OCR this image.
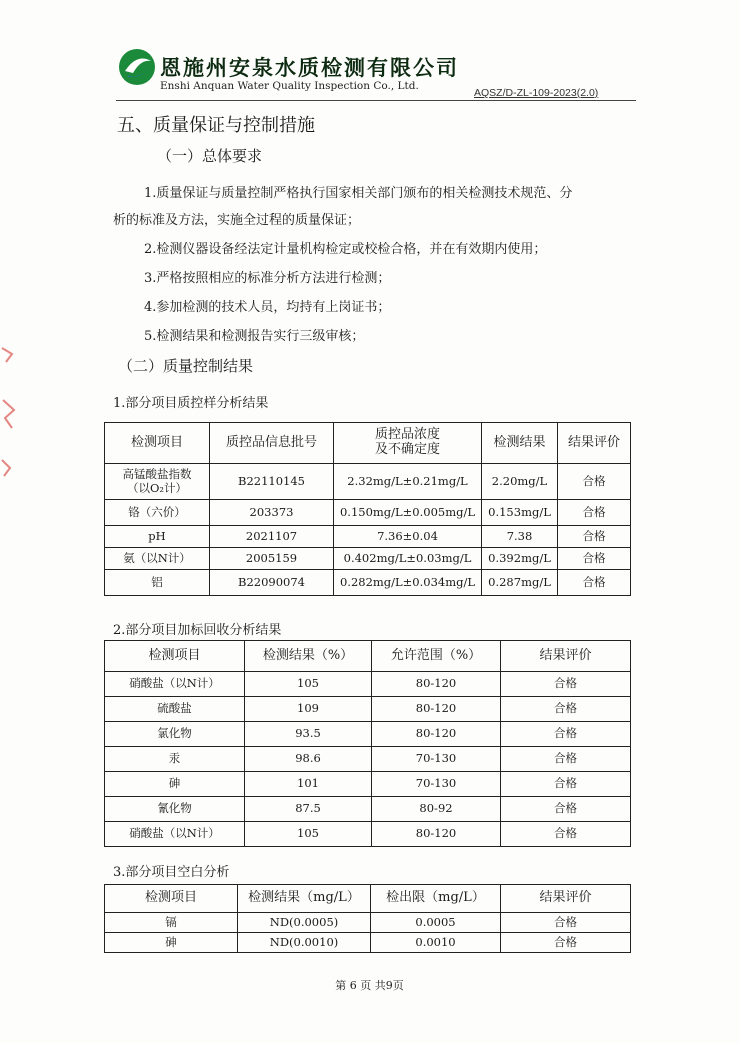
恩施州安泉水质检测有限公司
Enshi Anquan Water Quality Inspection Co., Ltd.
AQSZ/D-ZL-109-2023(2.0)
五、质量保证与控制措施
（一）总体要求
1.质量保证与质量控制严格执行国家相关部门颁布的相关检测技术规范、分
析的标准及方法，实施全过程的质量保证；
2.检测仪器设备经法定计量机构检定或校检合格，并在有效期内使用；
3.严格按照相应的标准分析方法进行检测；
4.参加检测的技术人员，均持有上岗证书；
5.检测结果和检测报告实行三级审核；
（二）质量控制结果
1.部分项目质控样分析结果
检测项目	质控品信息批号	质控品浓度
及不确定度	检测结果	结果评价
高锰酸盐指数
（以O₂计）	B22110145	2.32mg/L±0.21mg/L	2.20mg/L	合格
铬（六价）	203373	0.150mg/L±0.005mg/L	0.153mg/L	合格
pH	2021107	7.36±0.04	7.38	合格
氨（以N计）	2005159	0.402mg/L±0.03mg/L	0.392mg/L	合格
铝	B22090074	0.282mg/L±0.034mg/L	0.287mg/L	合格
2.部分项目加标回收分析结果
检测项目	检测结果（%）	允许范围（%）	结果评价
硝酸盐（以N计）	105	80-120	合格
硫酸盐	109	80-120	合格
氯化物	93.5	80-120	合格
汞	98.6	70-130	合格
砷	101	70-130	合格
氰化物	87.5	80-92	合格
硝酸盐（以N计）	105	80-120	合格
3.部分项目空白分析
检测项目	检测结果（mg/L）	检出限（mg/L）	结果评价
镉	ND(0.0005)	0.0005	合格
砷	ND(0.0010)	0.0010	合格
第 6 页 共9页
